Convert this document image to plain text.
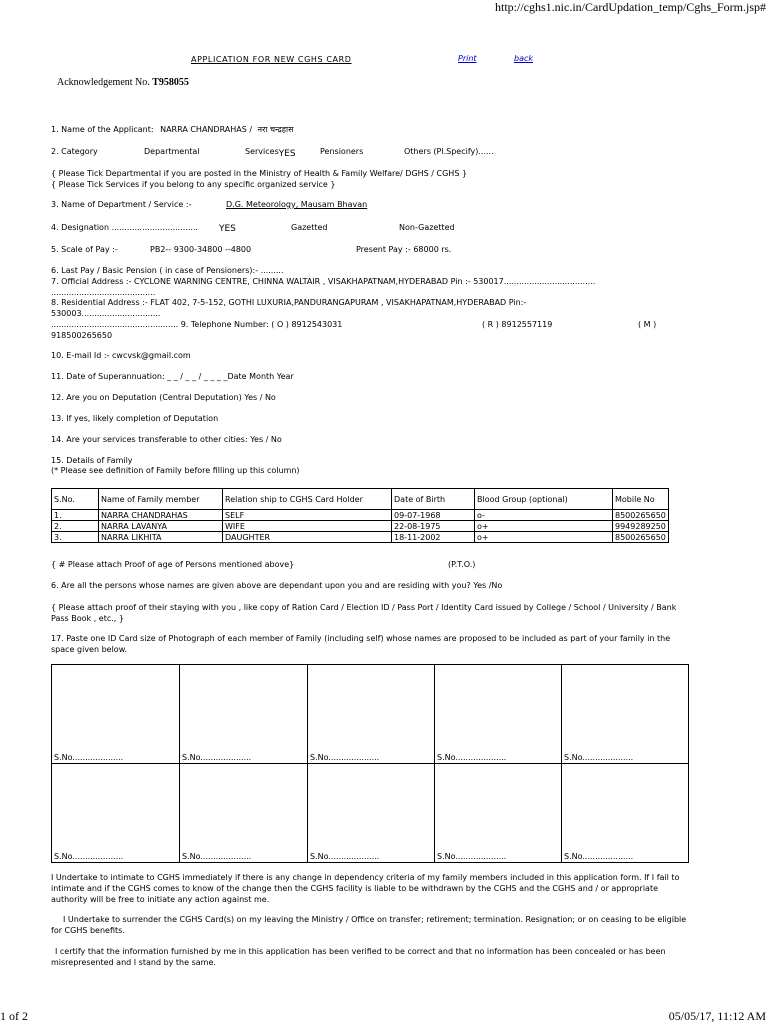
http://cghs1.nic.in/CardUpdation_temp/Cghs_Form.jsp#
1 of 2	05/05/17, 11:12 AM
APPLICATION FOR NEW CGHS CARD	Print	back
Acknowledgement No. T958055
1. Name of the Applicant: NARRA CHANDRAHAS / नरा चन्द्रहास
2. Category	Departmental	ServicesYES	Pensioners	Others (Pl.Specify)......
{ Please Tick Departmental if you are posted in the Ministry of Health & Family Welfare/ DGHS / CGHS }
{ Please Tick Services if you belong to any specific organized service }
3. Name of Department / Service :-	D.G. Meteorology, Mausam Bhavan
4. Designation .................................. YES	Gazetted	Non-Gazetted
5. Scale of Pay :-	PB2-- 9300-34800 --4800	Present Pay :- 68000 rs.
6. Last Pay / Basic Pension ( in case of Pensioners):- .........
7. Official Address :- CYCLONE WARNING CENTRE, CHINNA WALTAIR , VISAKHAPATNAM,HYDERABAD Pin :- 530017....................................
.........................................
8. Residential Address :- FLAT 402, 7-5-152, GOTHI LUXURIA,PANDURANGAPURAM , VISAKHAPATNAM,HYDERABAD Pin:-
530003...............................
.................................................. 9. Telephone Number: ( O ) 8912543031	( R ) 8912557119	( M )
918500265650
10. E-mail Id :- cwcvsk@gmail.com
11. Date of Superannuation: _ _ / _ _ / _ _ _ _Date Month Year
12. Are you on Deputation (Central Deputation) Yes / No
13. If yes, likely completion of Deputation
14. Are your services transferable to other cities: Yes / No
15. Details of Family
(* Please see definition of Family before filling up this column)
S.No.	Name of Family member	Relation ship to CGHS Card Holder	Date of Birth	Blood Group (optional)	Mobile No
1.	NARRA CHANDRAHAS	SELF	09-07-1968	o-	8500265650
2.	NARRA LAVANYA	WIFE	22-08-1975	o+	9949289250
3.	NARRA LIKHITA	DAUGHTER	18-11-2002	o+	8500265650
{ # Please attach Proof of age of Persons mentioned above}	(P.T.O.)
6. Are all the persons whose names are given above are dependant upon you and are residing with you? Yes /No
{ Please attach proof of their staying with you , like copy of Ration Card / Election ID / Pass Port / Identity Card issued by College / School / University / Bank Pass Book , etc., }
17. Paste one ID Card size of Photograph of each member of Family (including self) whose names are proposed to be included as part of your family in the space given below.
S.No....................	S.No....................	S.No....................	S.No....................	S.No....................
S.No....................	S.No....................	S.No....................	S.No....................	S.No....................
I Undertake to intimate to CGHS immediately if there is any change in dependency criteria of my family members included in this application form. If I fail to intimate and if the CGHS comes to know of the change then the CGHS facility is liable to be withdrawn by the CGHS and the CGHS and / or appropriate authority will be free to initiate any action against me.
I Undertake to surrender the CGHS Card(s) on my leaving the Ministry / Office on transfer; retirement; termination. Resignation; or on ceasing to be eligible for CGHS benefits.
I certify that the information furnished by me in this application has been verified to be correct and that no information has been concealed or has been misrepresented and I stand by the same.
